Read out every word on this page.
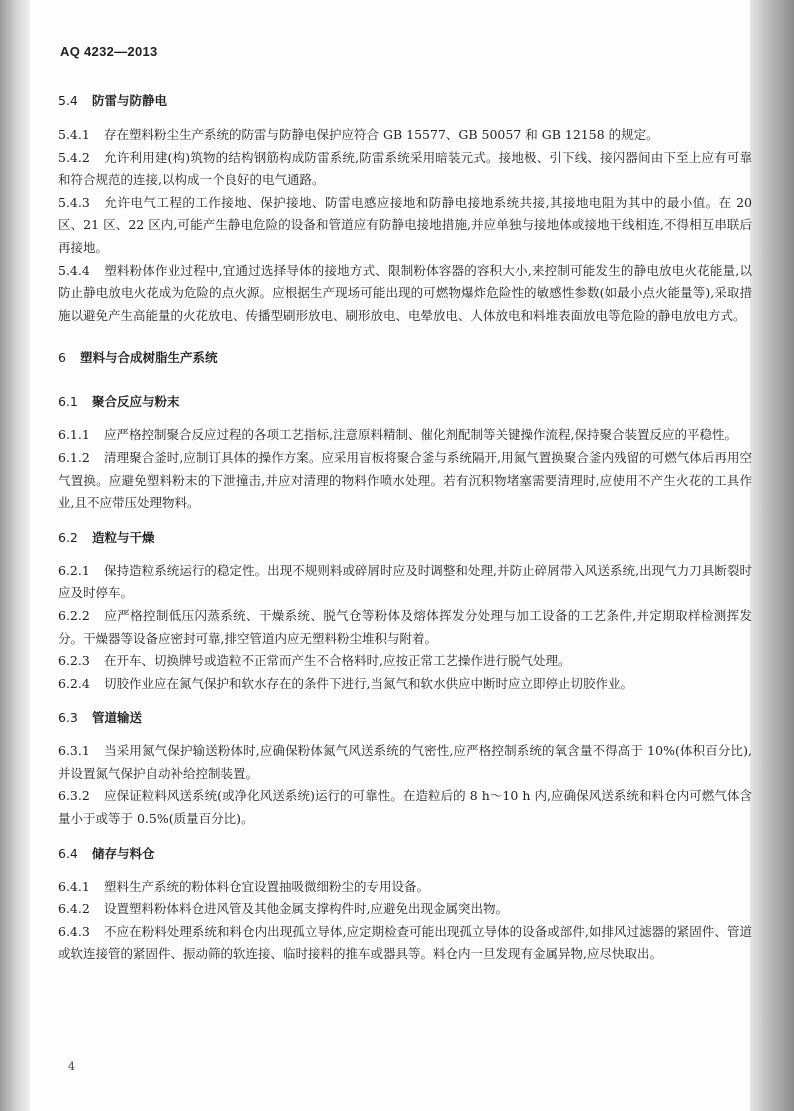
AQ 4232—2013

5.4 防雷与防静电

5.4.1 存在塑料粉尘生产系统的防雷与防静电保护应符合 GB 15577、GB 50057 和 GB 12158 的规定。

5.4.2 允许利用建(构)筑物的结构钢筋构成防雷系统,防雷系统采用暗装元式。接地极、引下线、接闪器间由下至上应有可靠和符合规范的连接,以构成一个良好的电气通路。

5.4.3 允许电气工程的工作接地、保护接地、防雷电感应接地和防静电接地系统共接,其接地电阻为其中的最小值。在 20 区、21 区、22 区内,可能产生静电危险的设备和管道应有防静电接地措施,并应单独与接地体或接地干线相连,不得相互串联后再接地。

5.4.4 塑料粉体作业过程中,宜通过选择导体的接地方式、限制粉体容器的容积大小,来控制可能发生的静电放电火花能量,以防止静电放电火花成为危险的点火源。应根据生产现场可能出现的可燃物爆炸危险性的敏感性参数(如最小点火能量等),采取措施以避免产生高能量的火花放电、传播型刷形放电、刷形放电、电晕放电、人体放电和料堆表面放电等危险的静电放电方式。

6 塑料与合成树脂生产系统

6.1 聚合反应与粉末

6.1.1 应严格控制聚合反应过程的各项工艺指标,注意原料精制、催化剂配制等关键操作流程,保持聚合装置反应的平稳性。

6.1.2 清理聚合釜时,应制订具体的操作方案。应采用盲板将聚合釜与系统隔开,用氮气置换聚合釜内残留的可燃气体后再用空气置换。应避免塑料粉末的下泄撞击,并应对清理的物料作喷水处理。若有沉积物堵塞需要清理时,应使用不产生火花的工具作业,且不应带压处理物料。

6.2 造粒与干燥

6.2.1 保持造粒系统运行的稳定性。出现不规则料或碎屑时应及时调整和处理,并防止碎屑带入风送系统,出现气力刀具断裂时应及时停车。

6.2.2 应严格控制低压闪蒸系统、干燥系统、脱气仓等粉体及熔体挥发分处理与加工设备的工艺条件,并定期取样检测挥发分。干燥器等设备应密封可靠,排空管道内应无塑料粉尘堆积与附着。

6.2.3 在开车、切换牌号或造粒不正常而产生不合格料时,应按正常工艺操作进行脱气处理。

6.2.4 切胶作业应在氮气保护和软水存在的条件下进行,当氮气和软水供应中断时应立即停止切胶作业。

6.3 管道输送

6.3.1 当采用氮气保护输送粉体时,应确保粉体氮气风送系统的气密性,应严格控制系统的氧含量不得高于 10%(体积百分比),并设置氮气保护自动补给控制装置。

6.3.2 应保证粒料风送系统(或净化风送系统)运行的可靠性。在造粒后的 8 h～10 h 内,应确保风送系统和料仓内可燃气体含量小于或等于 0.5%(质量百分比)。

6.4 储存与料仓

6.4.1 塑料生产系统的粉体料仓宜设置抽吸微细粉尘的专用设备。

6.4.2 设置塑料粉体料仓进风管及其他金属支撑构件时,应避免出现金属突出物。

6.4.3 不应在粉料处理系统和料仓内出现孤立导体,应定期检查可能出现孤立导体的设备或部件,如排风过滤器的紧固件、管道或软连接管的紧固件、振动筛的软连接、临时接料的推车或器具等。料仓内一旦发现有金属异物,应尽快取出。

4
